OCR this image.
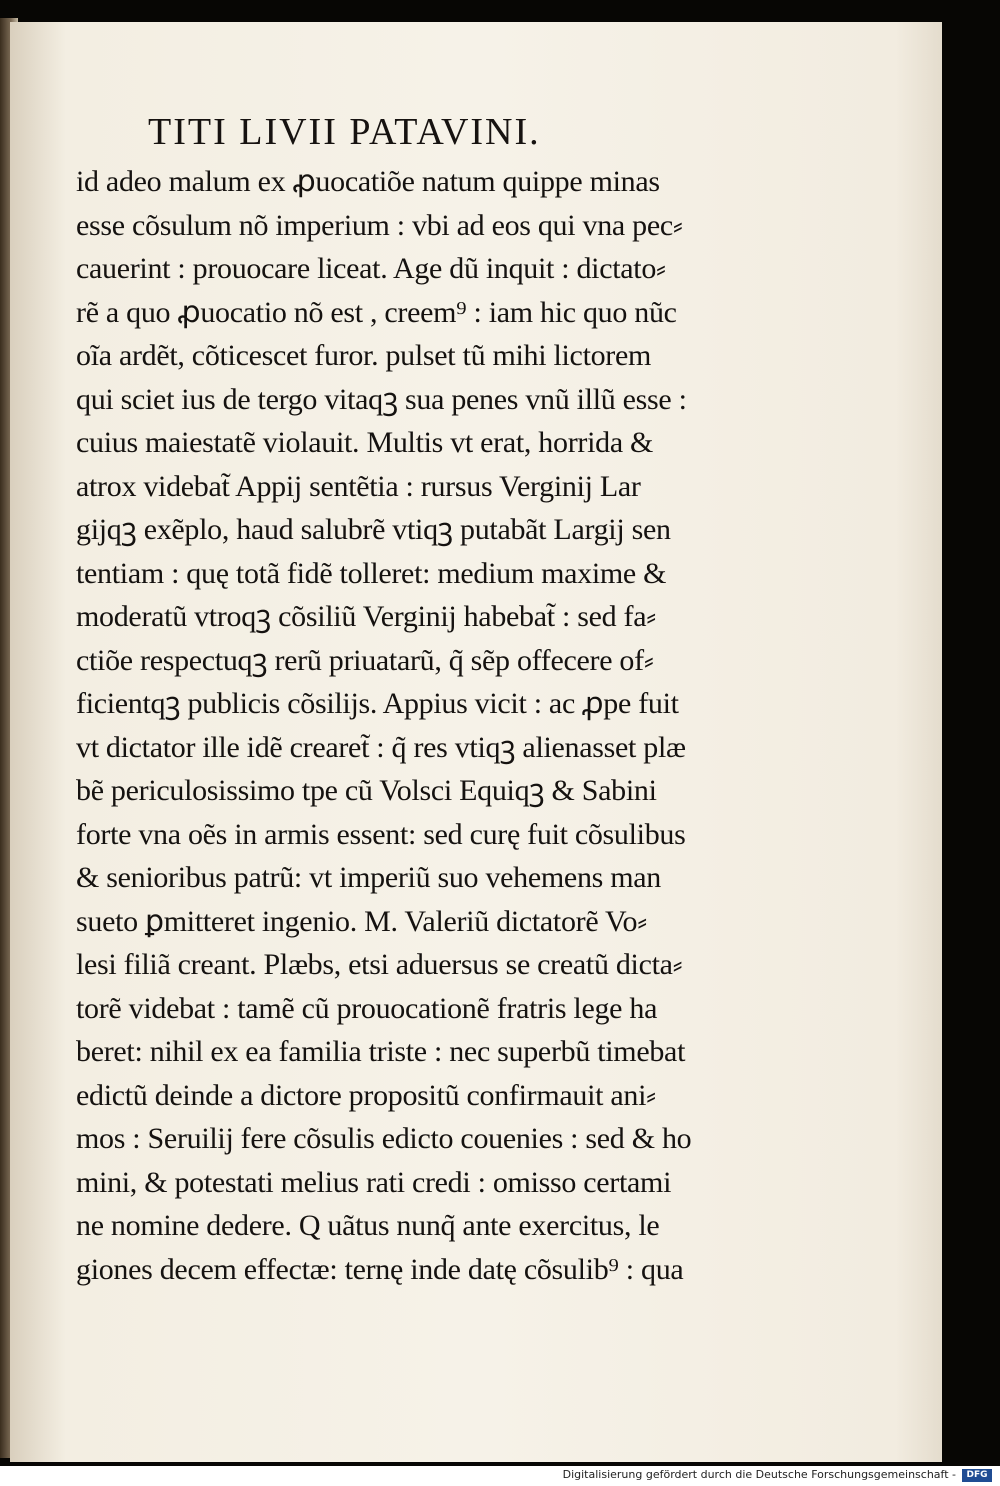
TITI LIVII PATAVINI.
id adeo malum ex ꝓuocatiõe natum quippe minas
esse cõsulum nõ imperium : vbi ad eos qui vna pec⸗
cauerint : prouocare liceat. Age dũ inquit : dictato⸗
rẽ a quo ꝓuocatio nõ est , creem⁹ : iam hic quo nũc
oĩa ardẽt, cõticescet furor. pulset tũ mihi lictorem
qui sciet ius de tergo vitaqꝫ sua penes vnũ illũ esse :
cuius maiestatẽ violauit. Multis vt erat, horrida &
atrox videbat̃ Appij sentẽtia : rursus Verginij Lar
gijqꝫ exẽplo, haud salubrẽ vtiqꝫ putabãt Largij sen
tentiam : quę totã fidẽ tolleret: medium maxime &
moderatũ vtroqꝫ cõsiliũ Verginij habebat̃ : sed fa⸗
ctiõe respectuqꝫ rerũ priuatarũ, q̃ sẽp offecere of⸗
ficientqꝫ publicis cõsilijs. Appius vicit : ac ꝓpe fuit
vt dictator ille idẽ crearet̃ : q̃ res vtiqꝫ alienasset plæ
bẽ periculosissimo tpe cũ Volsci Equiqꝫ & Sabini
forte vna oẽs in armis essent: sed curę fuit cõsulibus
& senioribus patrũ: vt imperiũ suo vehemens man
sueto ꝑmitteret ingenio. M. Valeriũ dictatorẽ Vo⸗
lesi filiã creant. Plæbs, etsi aduersus se creatũ dicta⸗
torẽ videbat : tamẽ cũ prouocationẽ fratris lege ha
beret: nihil ex ea familia triste : nec superbũ timebat
edictũ deinde a dictore propositũ confirmauit ani⸗
mos : Seruilij fere cõsulis edicto couenies : sed & ho
mini, & potestati melius rati credi : omisso certami
ne nomine dedere. Q uãtus nunq̃ ante exercitus, le
giones decem effectæ: ternę inde datę cõsulib⁹ : qua
Digitalisierung gefördert durch die Deutsche Forschungsgemeinschaft -	DFG
